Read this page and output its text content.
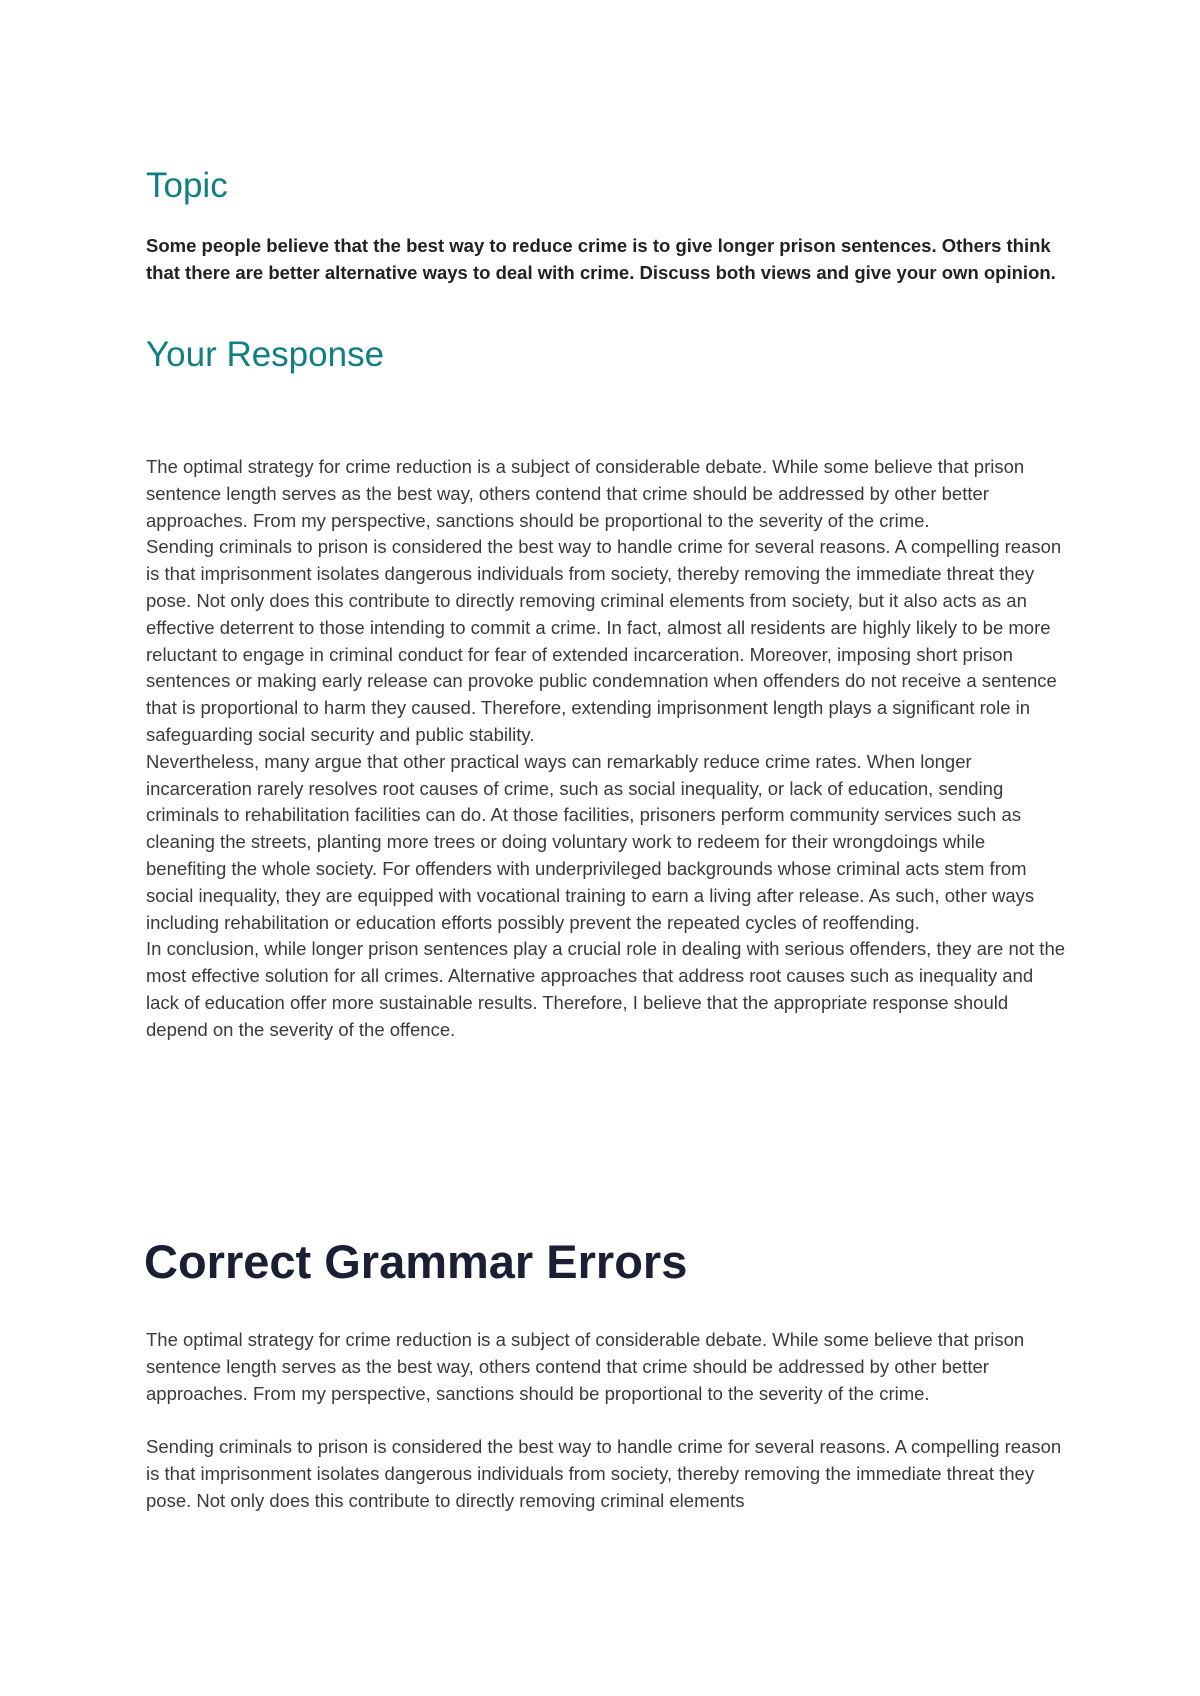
Topic

Some people believe that the best way to reduce crime is to give longer prison sentences. Others think that there are better alternative ways to deal with crime. Discuss both views and give your own opinion.

Your Response

The optimal strategy for crime reduction is a subject of considerable debate. While some believe that prison sentence length serves as the best way, others contend that crime should be addressed by other better approaches. From my perspective, sanctions should be proportional to the severity of the crime.

Sending criminals to prison is considered the best way to handle crime for several reasons. A compelling reason is that imprisonment isolates dangerous individuals from society, thereby removing the immediate threat they pose. Not only does this contribute to directly removing criminal elements from society, but it also acts as an effective deterrent to those intending to commit a crime. In fact, almost all residents are highly likely to be more reluctant to engage in criminal conduct for fear of extended incarceration. Moreover, imposing short prison sentences or making early release can provoke public condemnation when offenders do not receive a sentence that is proportional to harm they caused. Therefore, extending imprisonment length plays a significant role in safeguarding social security and public stability.

Nevertheless, many argue that other practical ways can remarkably reduce crime rates. When longer incarceration rarely resolves root causes of crime, such as social inequality, or lack of education, sending criminals to rehabilitation facilities can do. At those facilities, prisoners perform community services such as cleaning the streets, planting more trees or doing voluntary work to redeem for their wrongdoings while benefiting the whole society. For offenders with underprivileged backgrounds whose criminal acts stem from social inequality, they are equipped with vocational training to earn a living after release. As such, other ways including rehabilitation or education efforts possibly prevent the repeated cycles of reoffending.

In conclusion, while longer prison sentences play a crucial role in dealing with serious offenders, they are not the most effective solution for all crimes. Alternative approaches that address root causes such as inequality and lack of education offer more sustainable results. Therefore, I believe that the appropriate response should depend on the severity of the offence.

Correct Grammar Errors

The optimal strategy for crime reduction is a subject of considerable debate. While some believe that prison sentence length serves as the best way, others contend that crime should be addressed by other better approaches. From my perspective, sanctions should be proportional to the severity of the crime.

Sending criminals to prison is considered the best way to handle crime for several reasons. A compelling reason is that imprisonment isolates dangerous individuals from society, thereby removing the immediate threat they pose. Not only does this contribute to directly removing criminal elements
